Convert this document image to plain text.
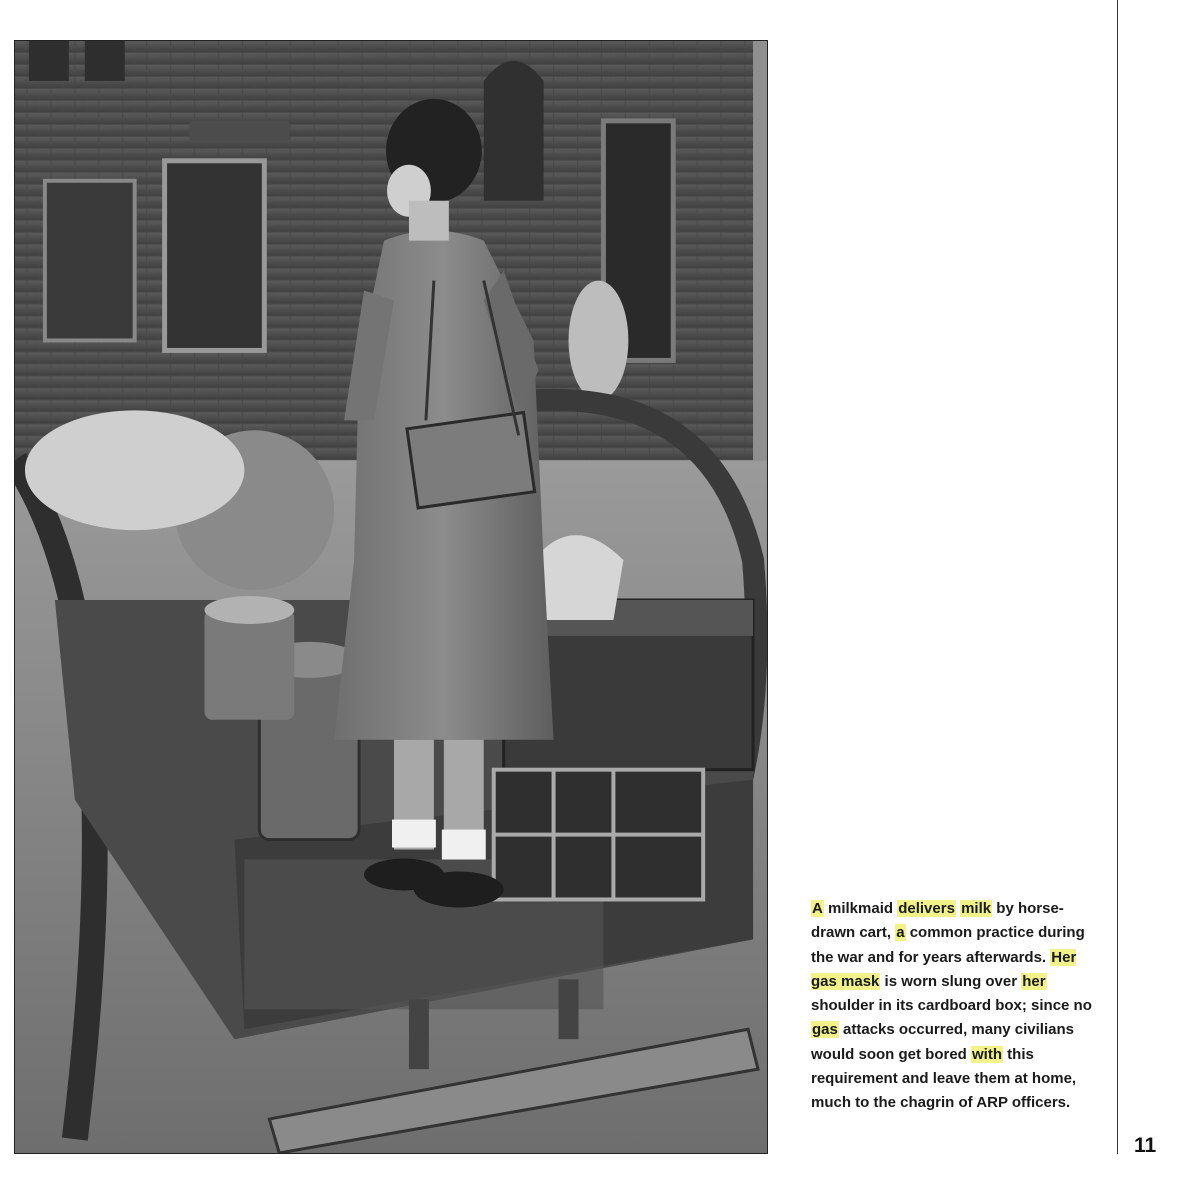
A milkmaid delivers milk by horse-drawn cart, a common practice during the war and for years afterwards. Her gas mask is worn slung over her shoulder in its cardboard box; since no gas attacks occurred, many civilians would soon get bored with this requirement and leave them at home, much to the chagrin of ARP officers.
11
